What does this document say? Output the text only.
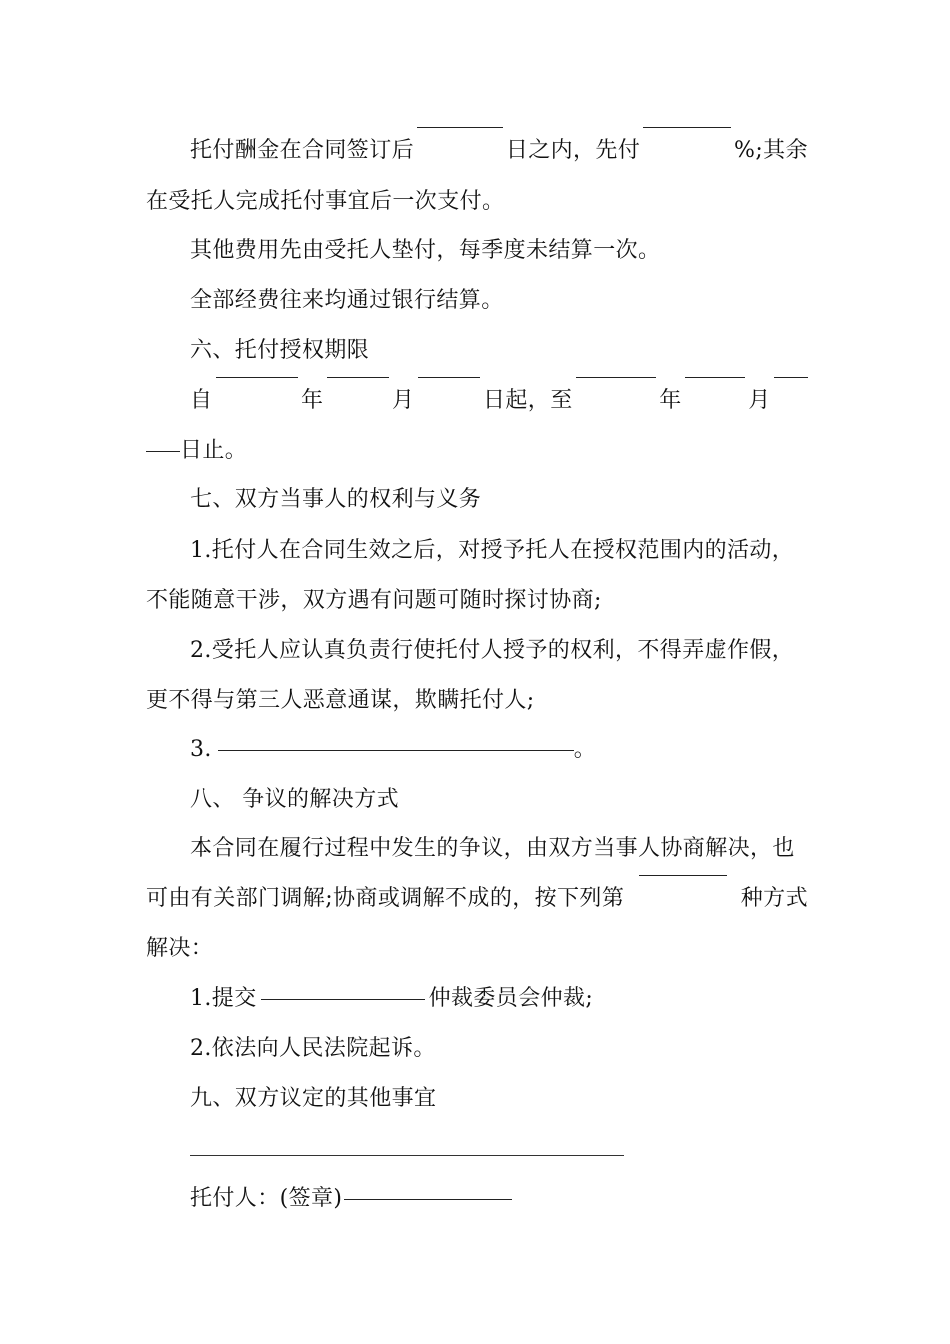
托付酬金在合同签订后	日之内，先付	%;其余
在受托人完成托付事宜后一次支付。
其他费用先由受托人垫付，每季度未结算一次。
全部经费往来均通过银行结算。
六、托付授权期限
自	年	月	日起，至	年	月
日止。
七、双方当事人的权利与义务
1.托付人在合同生效之后，对授予托人在授权范围内的活动，
不能随意干涉，双方遇有问题可随时探讨协商;
2.受托人应认真负责行使托付人授予的权利，不得弄虚作假，
更不得与第三人恶意通谋，欺瞒托付人;
3.	。
八、 争议的解决方式
本合同在履行过程中发生的争议，由双方当事人协商解决，也
可由有关部门调解;协商或调解不成的，按下列第	种方式
解决：
1.提交	仲裁委员会仲裁;
2.依法向人民法院起诉。
九、双方议定的其他事宜
托付人：(签章)
